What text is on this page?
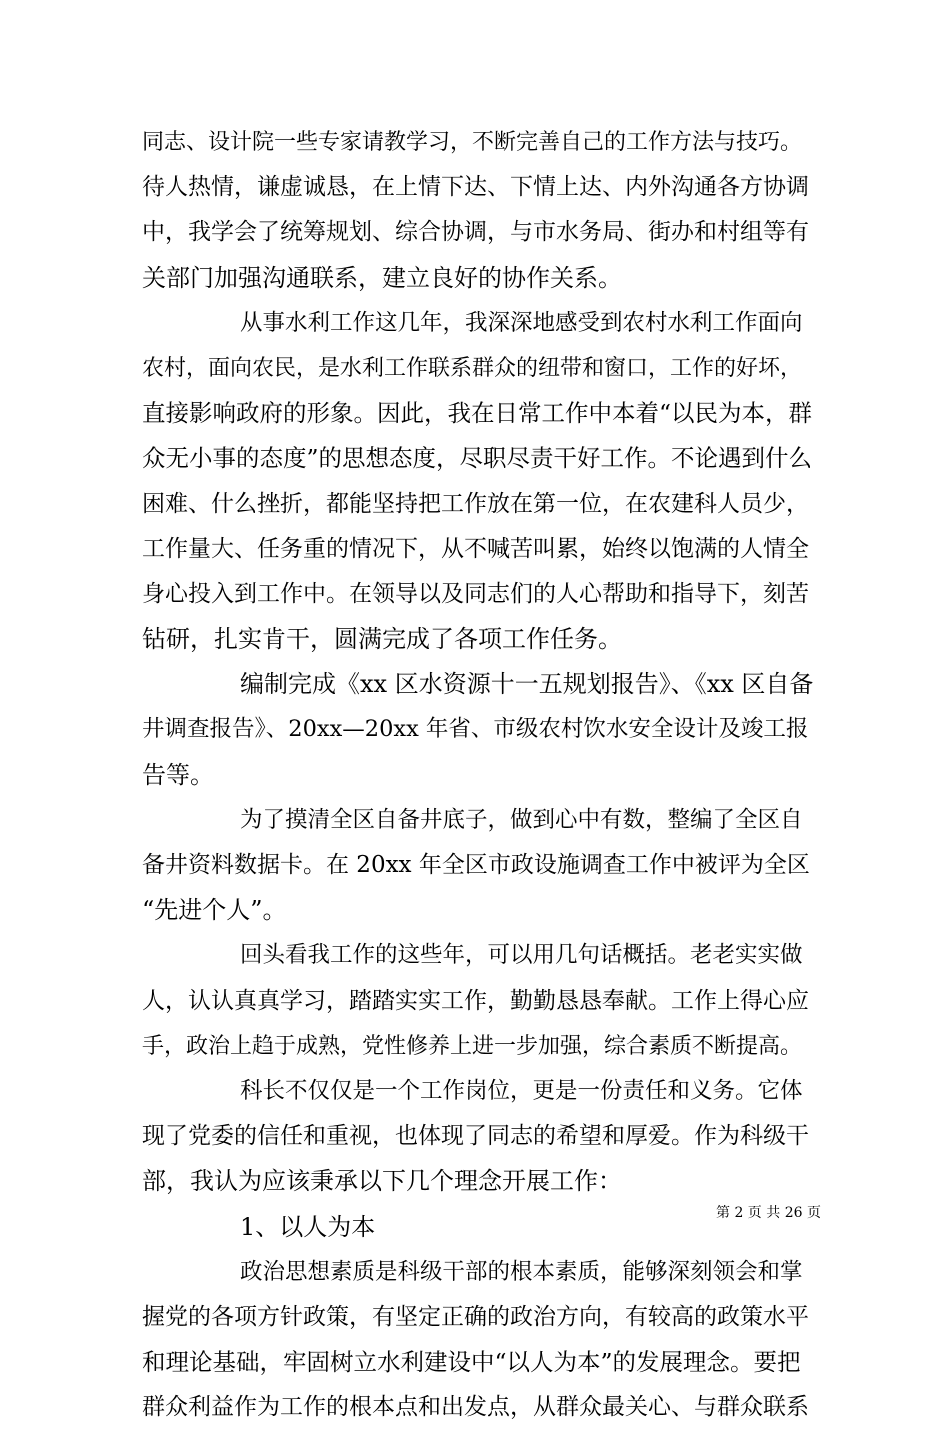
同志、设计院一些专家请教学习，不断完善自己的工作方法与技巧。
待人热情，谦虚诚恳，在上情下达、下情上达、内外沟通各方协调
中，我学会了统筹规划、综合协调，与市水务局、街办和村组等有
关部门加强沟通联系，建立良好的协作关系。
从事水利工作这几年，我深深地感受到农村水利工作面向
农村，面向农民，是水利工作联系群众的纽带和窗口，工作的好坏，
直接影响政府的形象。因此，我在日常工作中本着“以民为本，群
众无小事的态度”的思想态度，尽职尽责干好工作。不论遇到什么
困难、什么挫折，都能坚持把工作放在第一位，在农建科人员少，
工作量大、任务重的情况下，从不喊苦叫累，始终以饱满的人情全
身心投入到工作中。在领导以及同志们的人心帮助和指导下，刻苦
钻研，扎实肯干，圆满完成了各项工作任务。
编制完成《xx 区水资源十一五规划报告》、《xx 区自备
井调查报告》、20xx—20xx 年省、市级农村饮水安全设计及竣工报
告等。
为了摸清全区自备井底子，做到心中有数，整编了全区自
备井资料数据卡。在 20xx 年全区市政设施调查工作中被评为全区
“先进个人”。
回头看我工作的这些年，可以用几句话概括。老老实实做
人，认认真真学习，踏踏实实工作，勤勤恳恳奉献。工作上得心应
手，政治上趋于成熟，党性修养上进一步加强，综合素质不断提高。
科长不仅仅是一个工作岗位，更是一份责任和义务。它体
现了党委的信任和重视，也体现了同志的希望和厚爱。作为科级干
部，我认为应该秉承以下几个理念开展工作：
1、以人为本
政治思想素质是科级干部的根本素质，能够深刻领会和掌
握党的各项方针政策，有坚定正确的政治方向，有较高的政策水平
和理论基础，牢固树立水利建设中“以人为本”的发展理念。要把
群众利益作为工作的根本点和出发点，从群众最关心、与群众联系
第 2 页 共 26 页
